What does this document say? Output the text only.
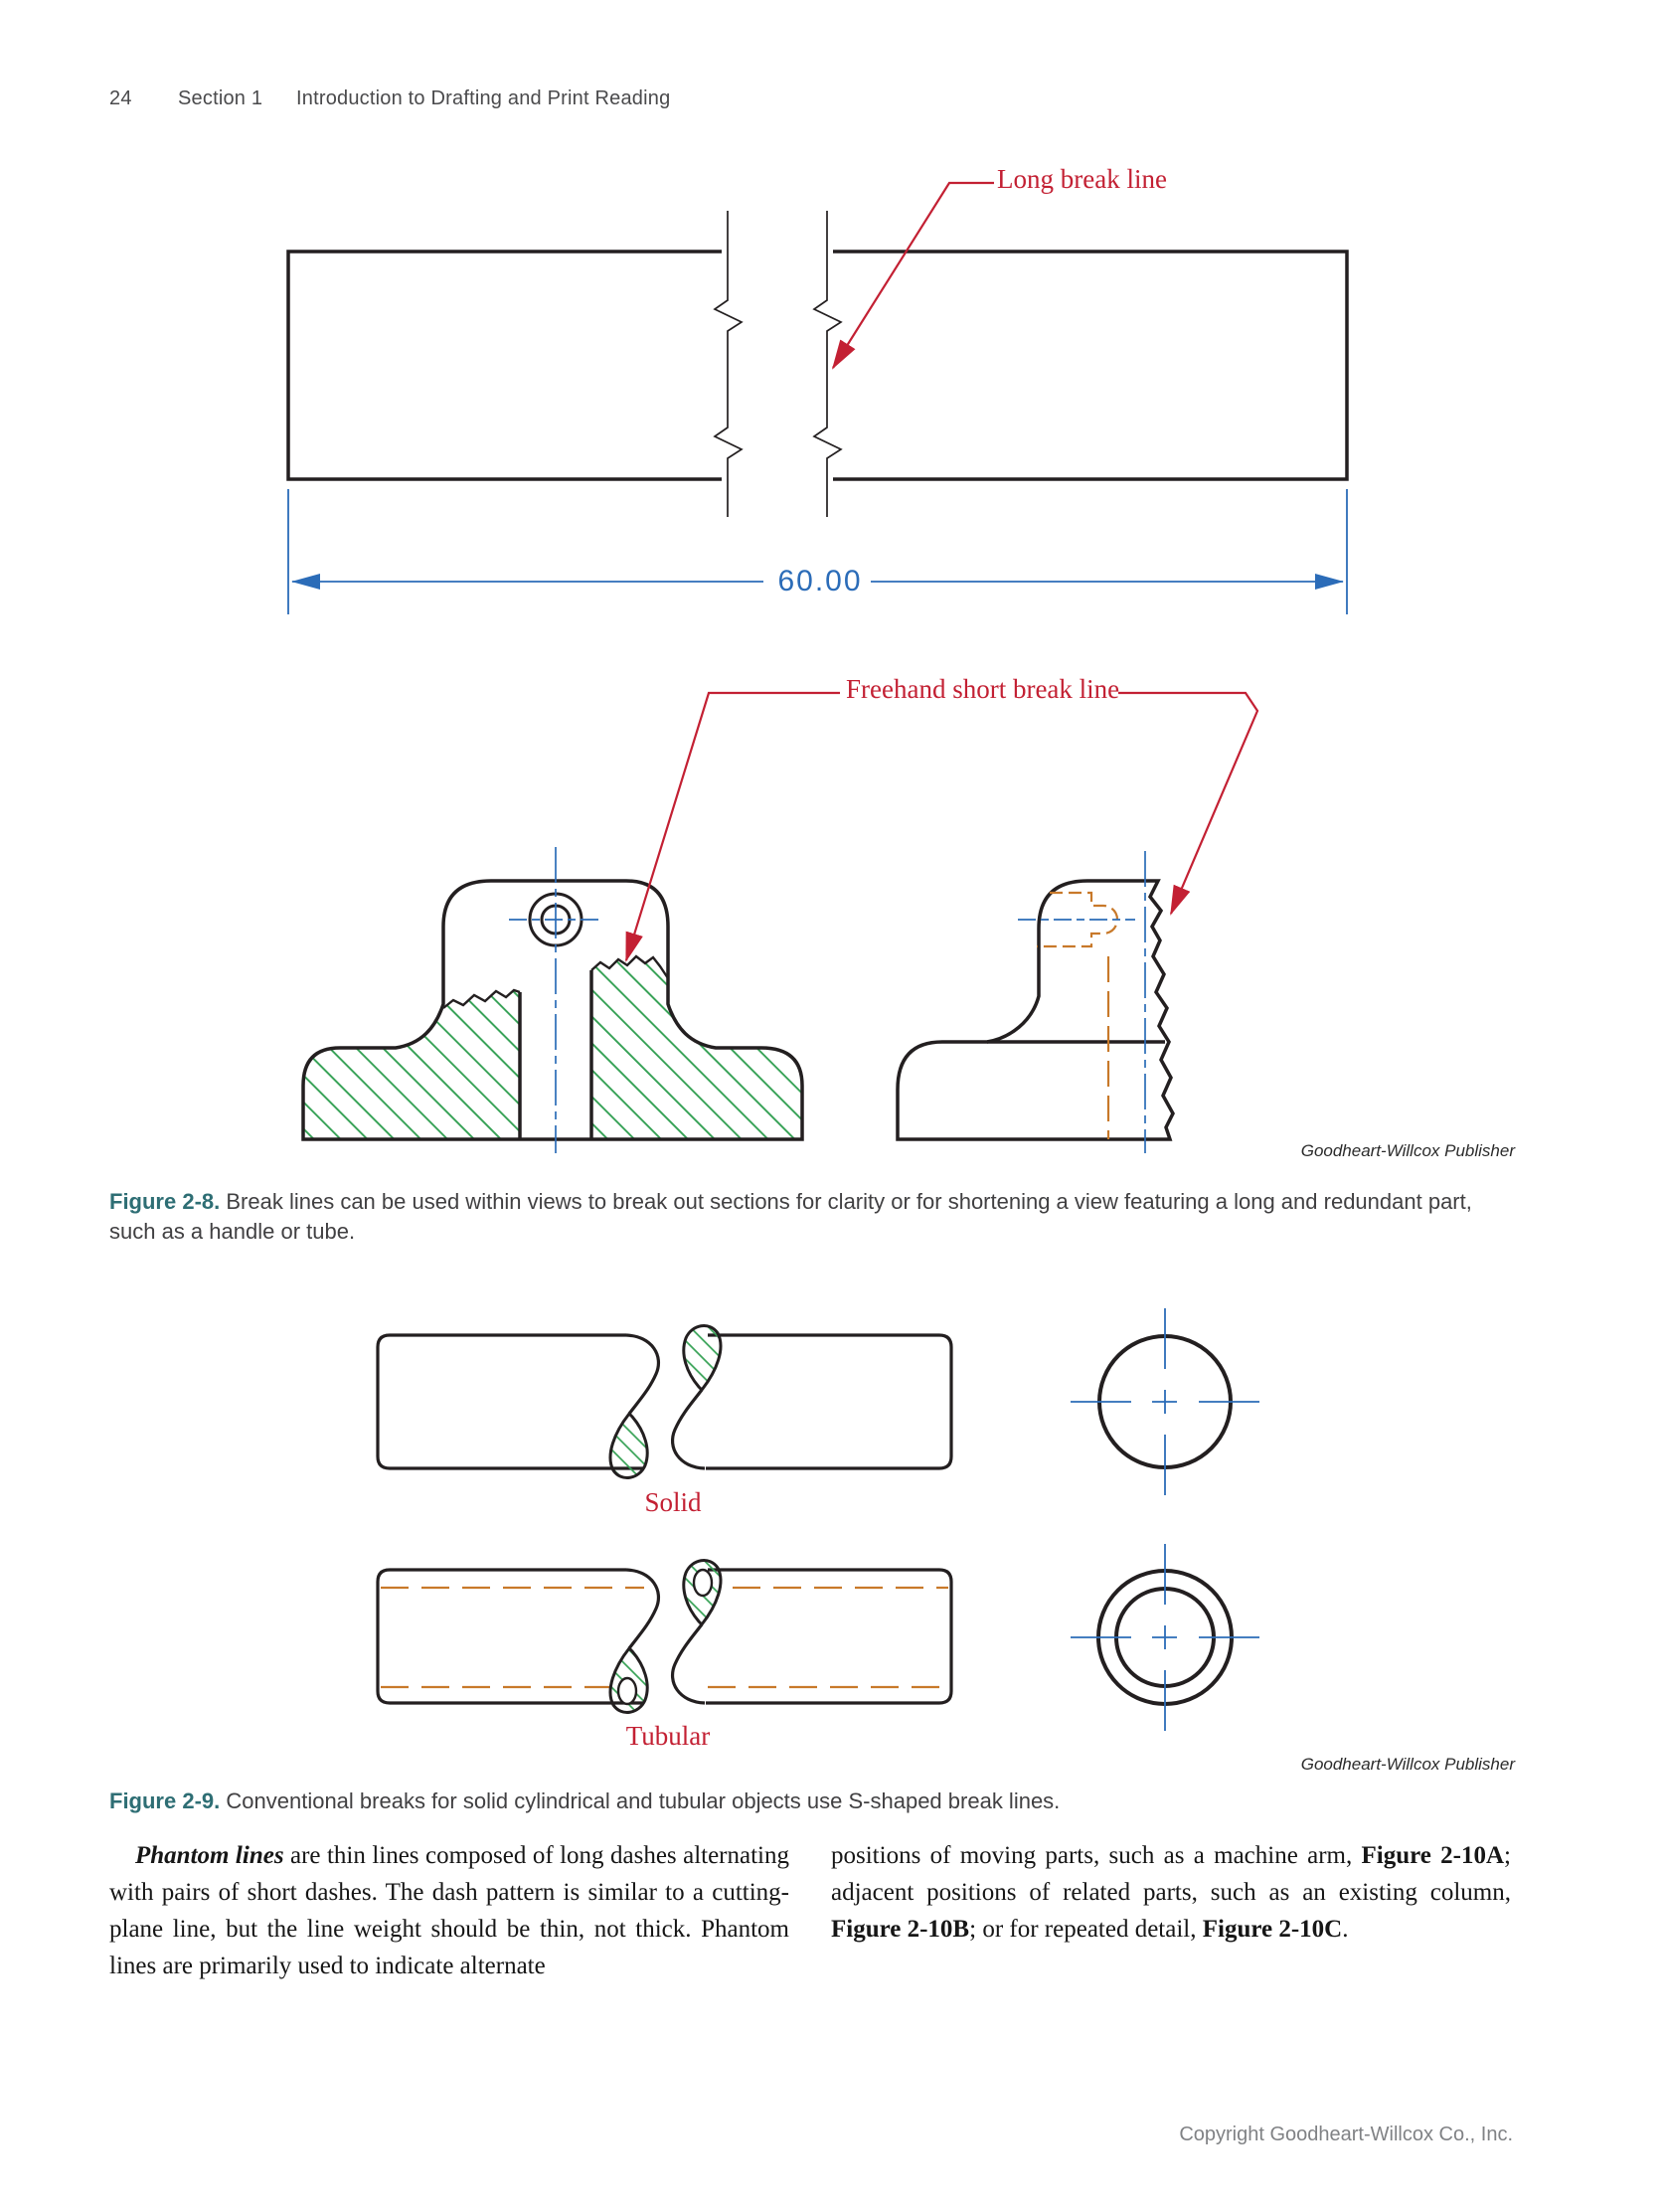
24 Section 1 Introduction to Drafting and Print Reading
Long break line
60.00
Freehand short break line
Goodheart-Willcox Publisher
Figure 2-8. Break lines can be used within views to break out sections for clarity or for shortening a view featuring a long and redundant part, such as a handle or tube.
Solid
Tubular
Goodheart-Willcox Publisher
Figure 2-9. Conventional breaks for solid cylindrical and tubular objects use S-shaped break lines.
Phantom lines are thin lines composed of long dashes alternating with pairs of short dashes. The dash pattern is similar to a cutting-plane line, but the line weight should be thin, not thick. Phantom lines are primarily used to indicate alternate
positions of moving parts, such as a machine arm, Figure 2-10A; adjacent positions of related parts, such as an existing column, Figure 2-10B; or for repeated detail, Figure 2-10C.
Copyright Goodheart-Willcox Co., Inc.
